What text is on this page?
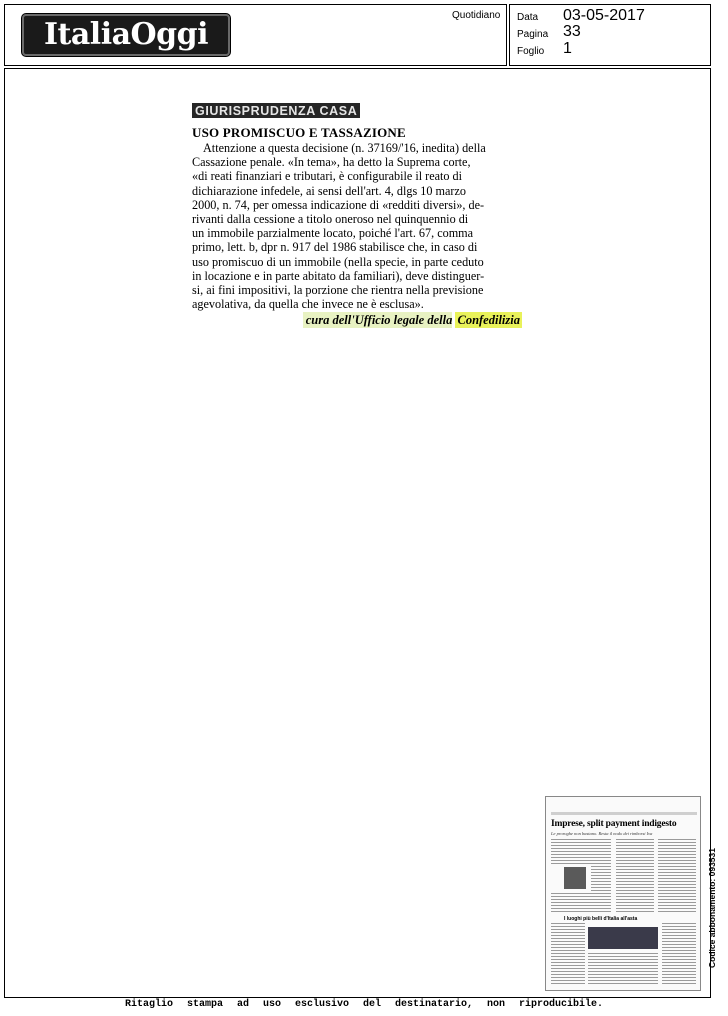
ItaliaOggi
Quotidiano Data 03-05-2017
Pagina 33
Foglio 1
GIURISPRUDENZA CASA
USO PROMISCUO E TASSAZIONE
Attenzione a questa decisione (n. 37169/'16, inedita) della
Cassazione penale. «In tema», ha detto la Suprema corte,
«di reati finanziari e tributari, è configurabile il reato di
dichiarazione infedele, ai sensi dell'art. 4, dlgs 10 marzo
2000, n. 74, per omessa indicazione di «redditi diversi», de-
rivanti dalla cessione a titolo oneroso nel quinquennio di
un immobile parzialmente locato, poiché l'art. 67, comma
primo, lett. b, dpr n. 917 del 1986 stabilisce che, in caso di
uso promiscuo di un immobile (nella specie, in parte ceduto
in locazione e in parte abitato da familiari), deve distinguer-
si, ai fini impositivi, la porzione che rientra nella previsione
agevolativa, da quella che invece ne è esclusa».
cura dell'Ufficio legale della Confedilizia
Imprese, split payment indigesto
Le proroghe non bastano. Resta il nodo dei rimborsi Iva
I luoghi più belli d'Italia all'asta	Codice abbonamento: 093531
Ritaglio stampa ad uso esclusivo del destinatario, non riproducibile.
